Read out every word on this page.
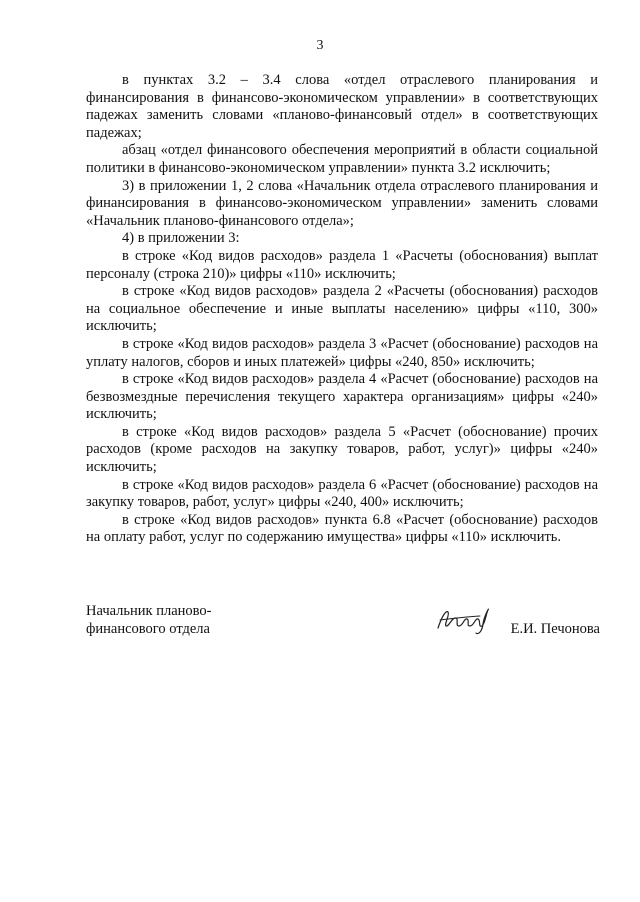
3

в пунктах 3.2 – 3.4 слова «отдел отраслевого планирования и финансирования в финансово-экономическом управлении» в соответствующих падежах заменить словами «планово-финансовый отдел» в соответствующих падежах;

абзац «отдел финансового обеспечения мероприятий в области социальной политики в финансово-экономическом управлении» пункта 3.2 исключить;

3) в приложении 1, 2 слова «Начальник отдела отраслевого планирования и финансирования в финансово-экономическом управлении» заменить словами «Начальник планово-финансового отдела»;

4) в приложении 3:

в строке «Код видов расходов» раздела 1 «Расчеты (обоснования) выплат персоналу (строка 210)» цифры «110» исключить;

в строке «Код видов расходов» раздела 2 «Расчеты (обоснования) расходов на социальное обеспечение и иные выплаты населению» цифры «110, 300» исключить;

в строке «Код видов расходов» раздела 3 «Расчет (обоснование) расходов на уплату налогов, сборов и иных платежей» цифры «240, 850» исключить;

в строке «Код видов расходов» раздела 4 «Расчет (обоснование) расходов на безвозмездные перечисления текущего характера организациям» цифры «240» исключить;

в строке «Код видов расходов» раздела 5 «Расчет (обоснование) прочих расходов (кроме расходов на закупку товаров, работ, услуг)» цифры «240» исключить;

в строке «Код видов расходов» раздела 6 «Расчет (обоснование) расходов на закупку товаров, работ, услуг» цифры «240, 400» исключить;

в строке «Код видов расходов» пункта 6.8 «Расчет (обоснование) расходов на оплату работ, услуг по содержанию имущества» цифры «110» исключить.

Начальник планово-
финансового отдела	Е.И. Печонова
